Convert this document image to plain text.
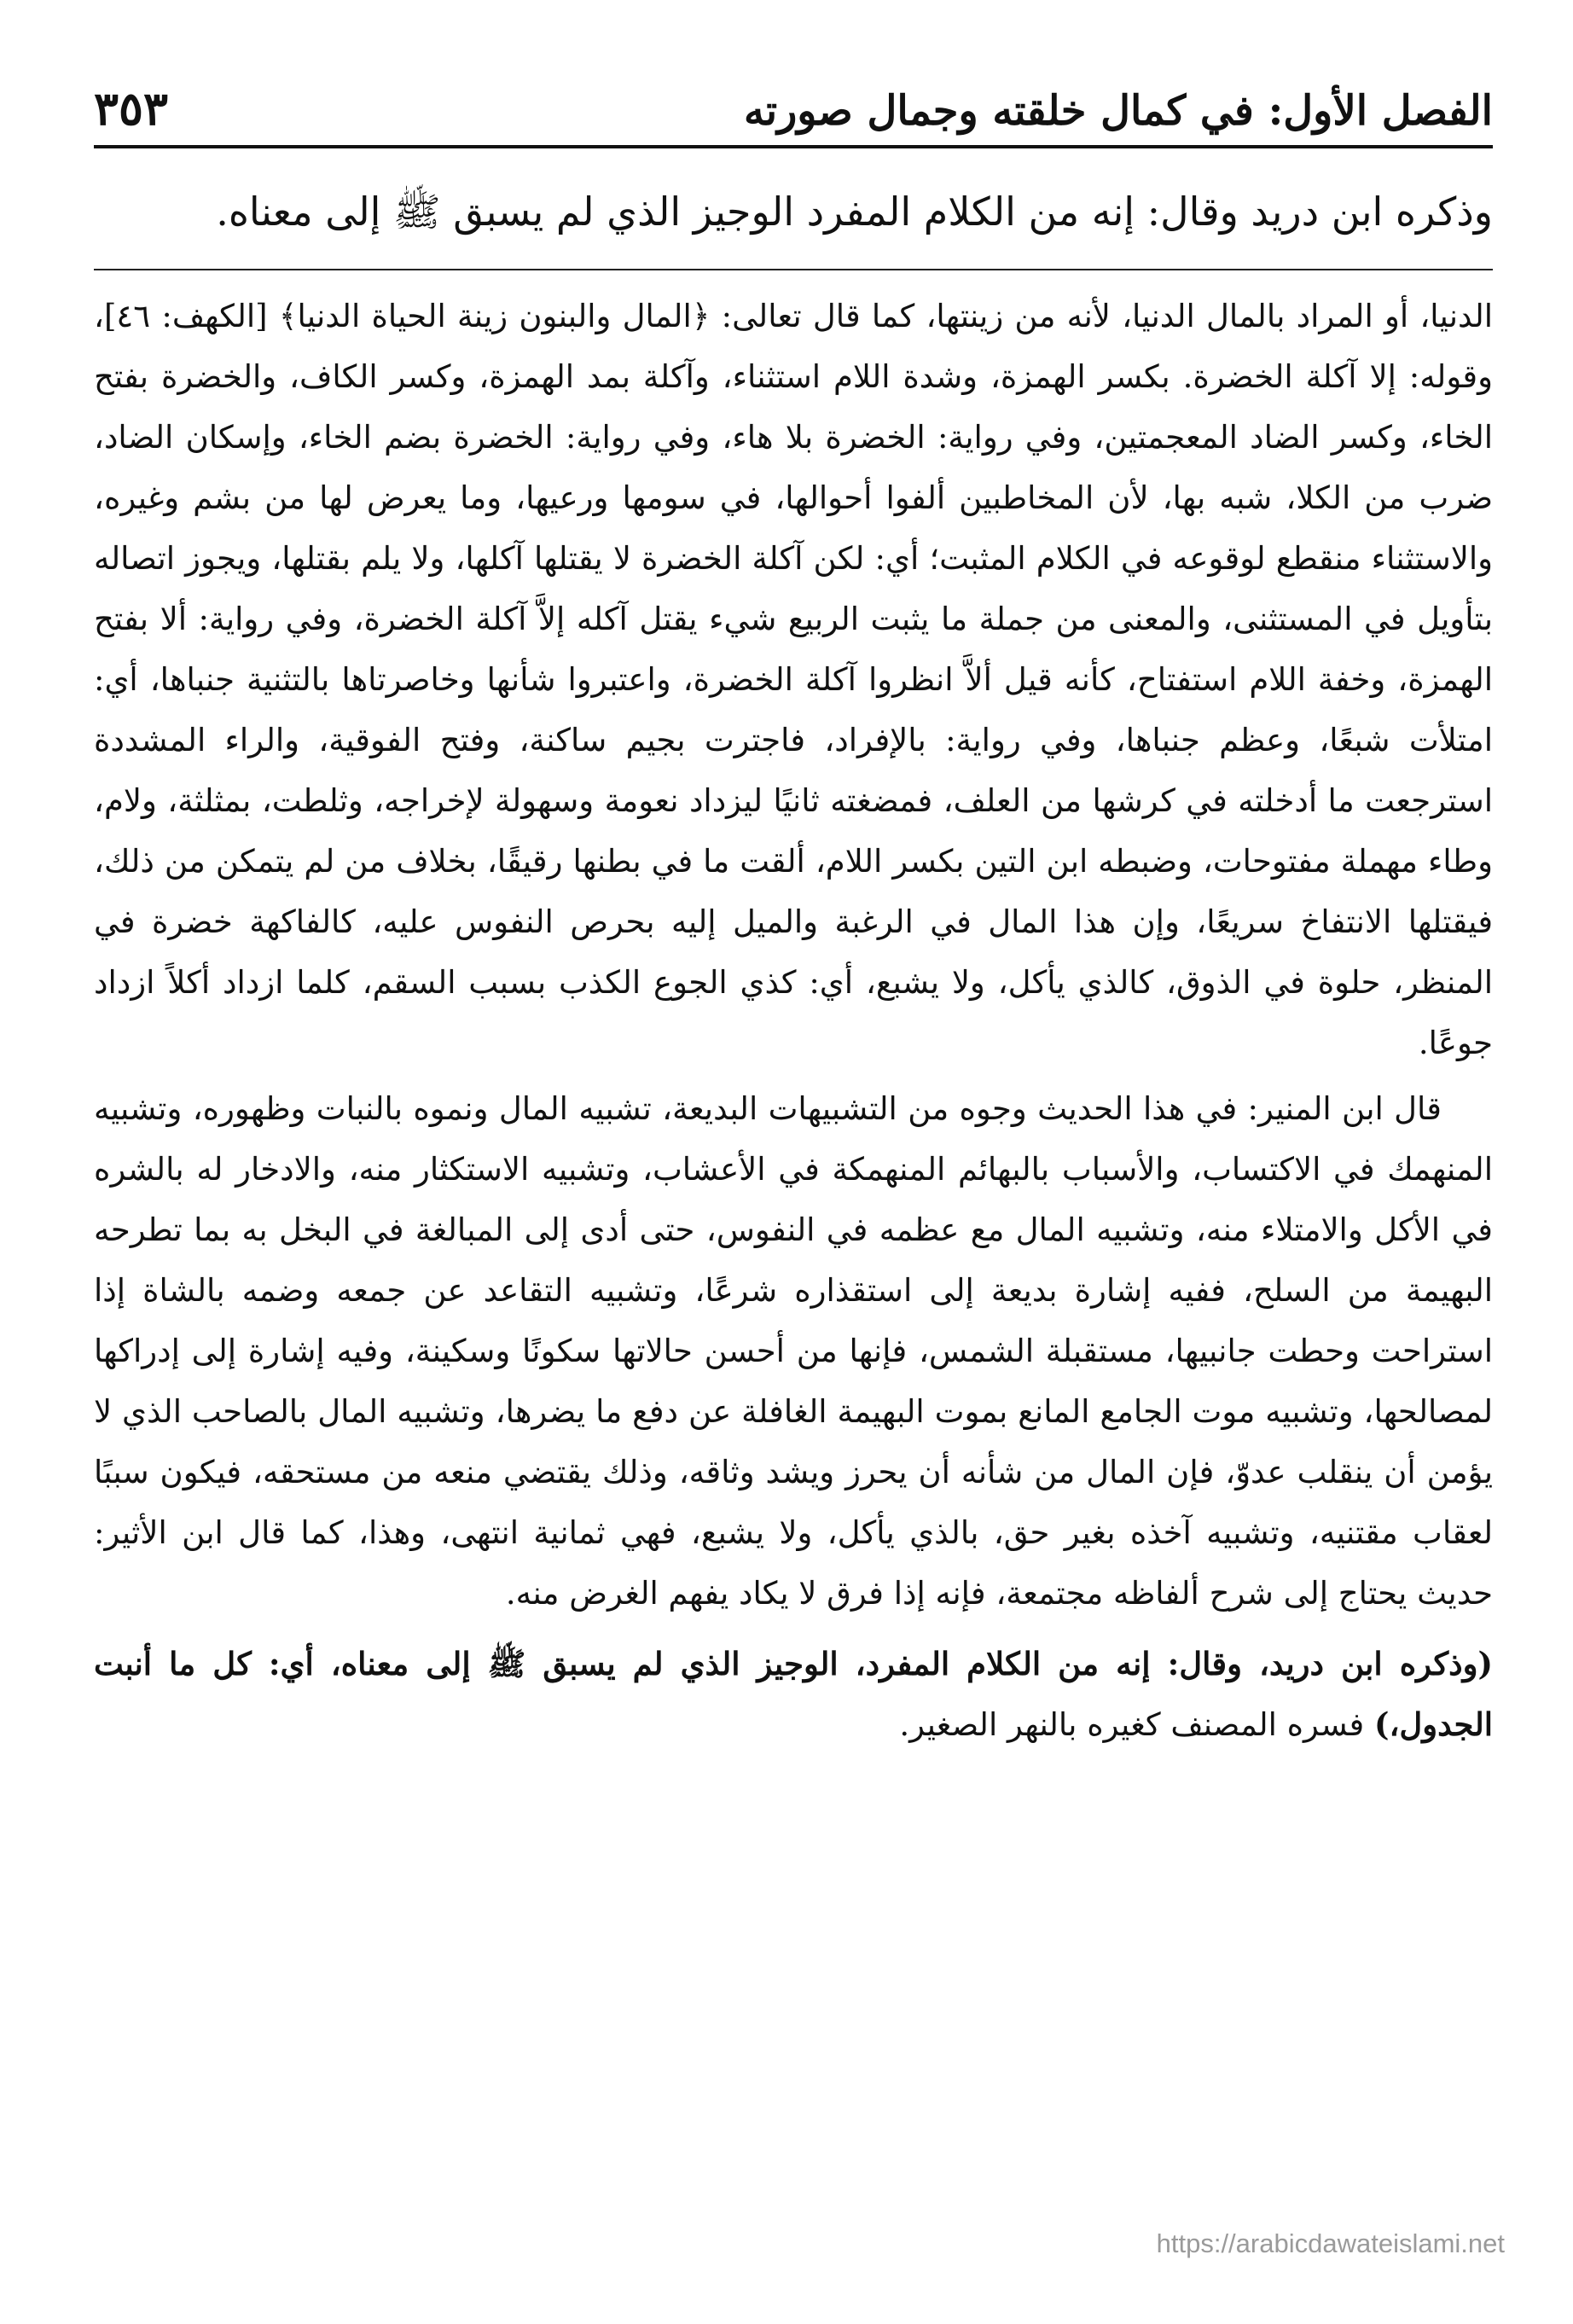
الفصل الأول: في كمال خلقته وجمال صورته
٣٥٣
وذكره ابن دريد وقال: إنه من الكلام المفرد الوجيز الذي لم يسبق ﷺ إلى معناه.

الدنيا، أو المراد بالمال الدنيا، لأنه من زينتها، كما قال تعالى: ﴿المال والبنون زينة الحياة الدنيا﴾ [الكهف: ٤٦]، وقوله: إلا آكلة الخضرة. بكسر الهمزة، وشدة اللام استثناء، وآكلة بمد الهمزة، وكسر الكاف، والخضرة بفتح الخاء، وكسر الضاد المعجمتين، وفي رواية: الخضرة بلا هاء، وفي رواية: الخضرة بضم الخاء، وإسكان الضاد، ضرب من الكلا، شبه بها، لأن المخاطبين ألفوا أحوالها، في سومها ورعيها، وما يعرض لها من بشم وغيره، والاستثناء منقطع لوقوعه في الكلام المثبت؛ أي: لكن آكلة الخضرة لا يقتلها آكلها، ولا يلم بقتلها، ويجوز اتصاله بتأويل في المستثنى، والمعنى من جملة ما يثبت الربيع شيء يقتل آكله إلاَّ آكلة الخضرة، وفي رواية: ألا بفتح الهمزة، وخفة اللام استفتاح، كأنه قيل ألاَّ انظروا آكلة الخضرة، واعتبروا شأنها وخاصرتاها بالتثنية جنباها، أي: امتلأت شبعًا، وعظم جنباها، وفي رواية: بالإفراد، فاجترت بجيم ساكنة، وفتح الفوقية، والراء المشددة استرجعت ما أدخلته في كرشها من العلف، فمضغته ثانيًا ليزداد نعومة وسهولة لإخراجه، وثلطت، بمثلثة، ولام، وطاء مهملة مفتوحات، وضبطه ابن التين بكسر اللام، ألقت ما في بطنها رقيقًا، بخلاف من لم يتمكن من ذلك، فيقتلها الانتفاخ سريعًا، وإن هذا المال في الرغبة والميل إليه بحرص النفوس عليه، كالفاكهة خضرة في المنظر، حلوة في الذوق، كالذي يأكل، ولا يشبع، أي: كذي الجوع الكذب بسبب السقم، كلما ازداد أكلاً ازداد جوعًا.

قال ابن المنير: في هذا الحديث وجوه من التشبيهات البديعة، تشبيه المال ونموه بالنبات وظهوره، وتشبيه المنهمك في الاكتساب، والأسباب بالبهائم المنهمكة في الأعشاب، وتشبيه الاستكثار منه، والادخار له بالشره في الأكل والامتلاء منه، وتشبيه المال مع عظمه في النفوس، حتى أدى إلى المبالغة في البخل به بما تطرحه البهيمة من السلح، ففيه إشارة بديعة إلى استقذاره شرعًا، وتشبيه التقاعد عن جمعه وضمه بالشاة إذا استراحت وحطت جانبيها، مستقبلة الشمس، فإنها من أحسن حالاتها سكونًا وسكينة، وفيه إشارة إلى إدراكها لمصالحها، وتشبيه موت الجامع المانع بموت البهيمة الغافلة عن دفع ما يضرها، وتشبيه المال بالصاحب الذي لا يؤمن أن ينقلب عدوّ، فإن المال من شأنه أن يحرز ويشد وثاقه، وذلك يقتضي منعه من مستحقه، فيكون سببًا لعقاب مقتنيه، وتشبيه آخذه بغير حق، بالذي يأكل، ولا يشبع، فهي ثمانية انتهى، وهذا، كما قال ابن الأثير: حديث يحتاج إلى شرح ألفاظه مجتمعة، فإنه إذا فرق لا يكاد يفهم الغرض منه.

(وذكره ابن دريد، وقال: إنه من الكلام المفرد، الوجيز الذي لم يسبق ﷺ إلى معناه، أي: كل ما أنبت الجدول،) فسره المصنف كغيره بالنهر الصغير.

https://arabicdawateislami.net
